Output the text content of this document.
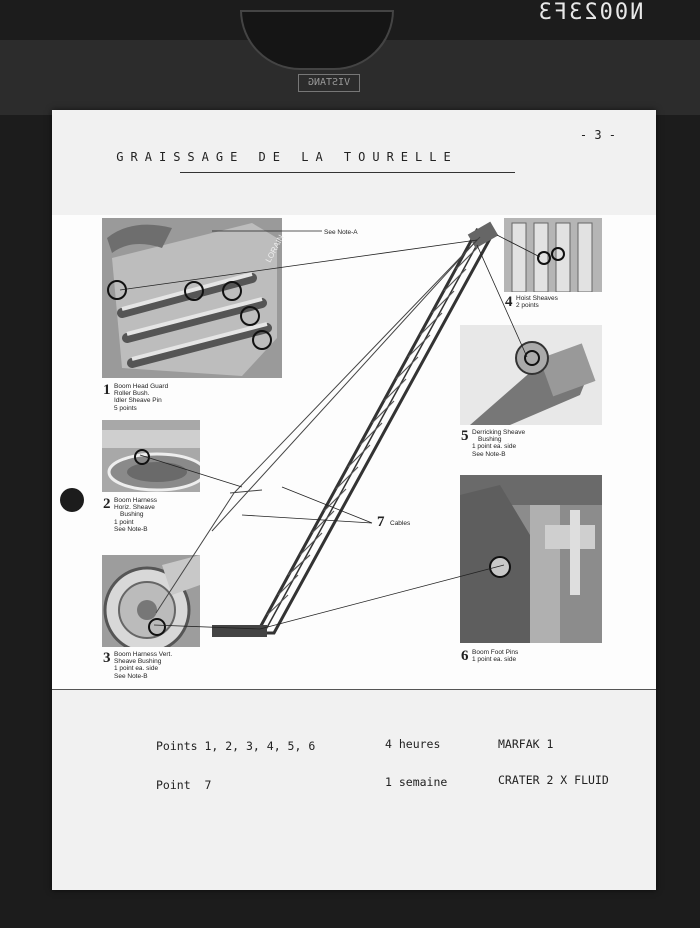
N0023F3
VISTANG
- 3 -
GRAISSAGE DE LA TOURELLE
LORAIN
See Note-A
1 Boom Head Guard
Roller Bush.
Idler Sheave Pin
5 points
2 Boom Harness
Horiz. Sheave
Bushing
1 point
See Note-B
3 Boom Harness Vert.
Sheave Bushing
1 point ea. side
See Note-B
4 Hoist Sheaves
2 points
5 Derricking Sheave
Bushing
1 point ea. side
See Note-B
6 Boom Foot Pins
1 point ea. side
7 Cables
Points 1, 2, 3, 4, 5, 6	4 heures	MARFAK 1
Point  7	1 semaine	CRATER 2 X FLUID
